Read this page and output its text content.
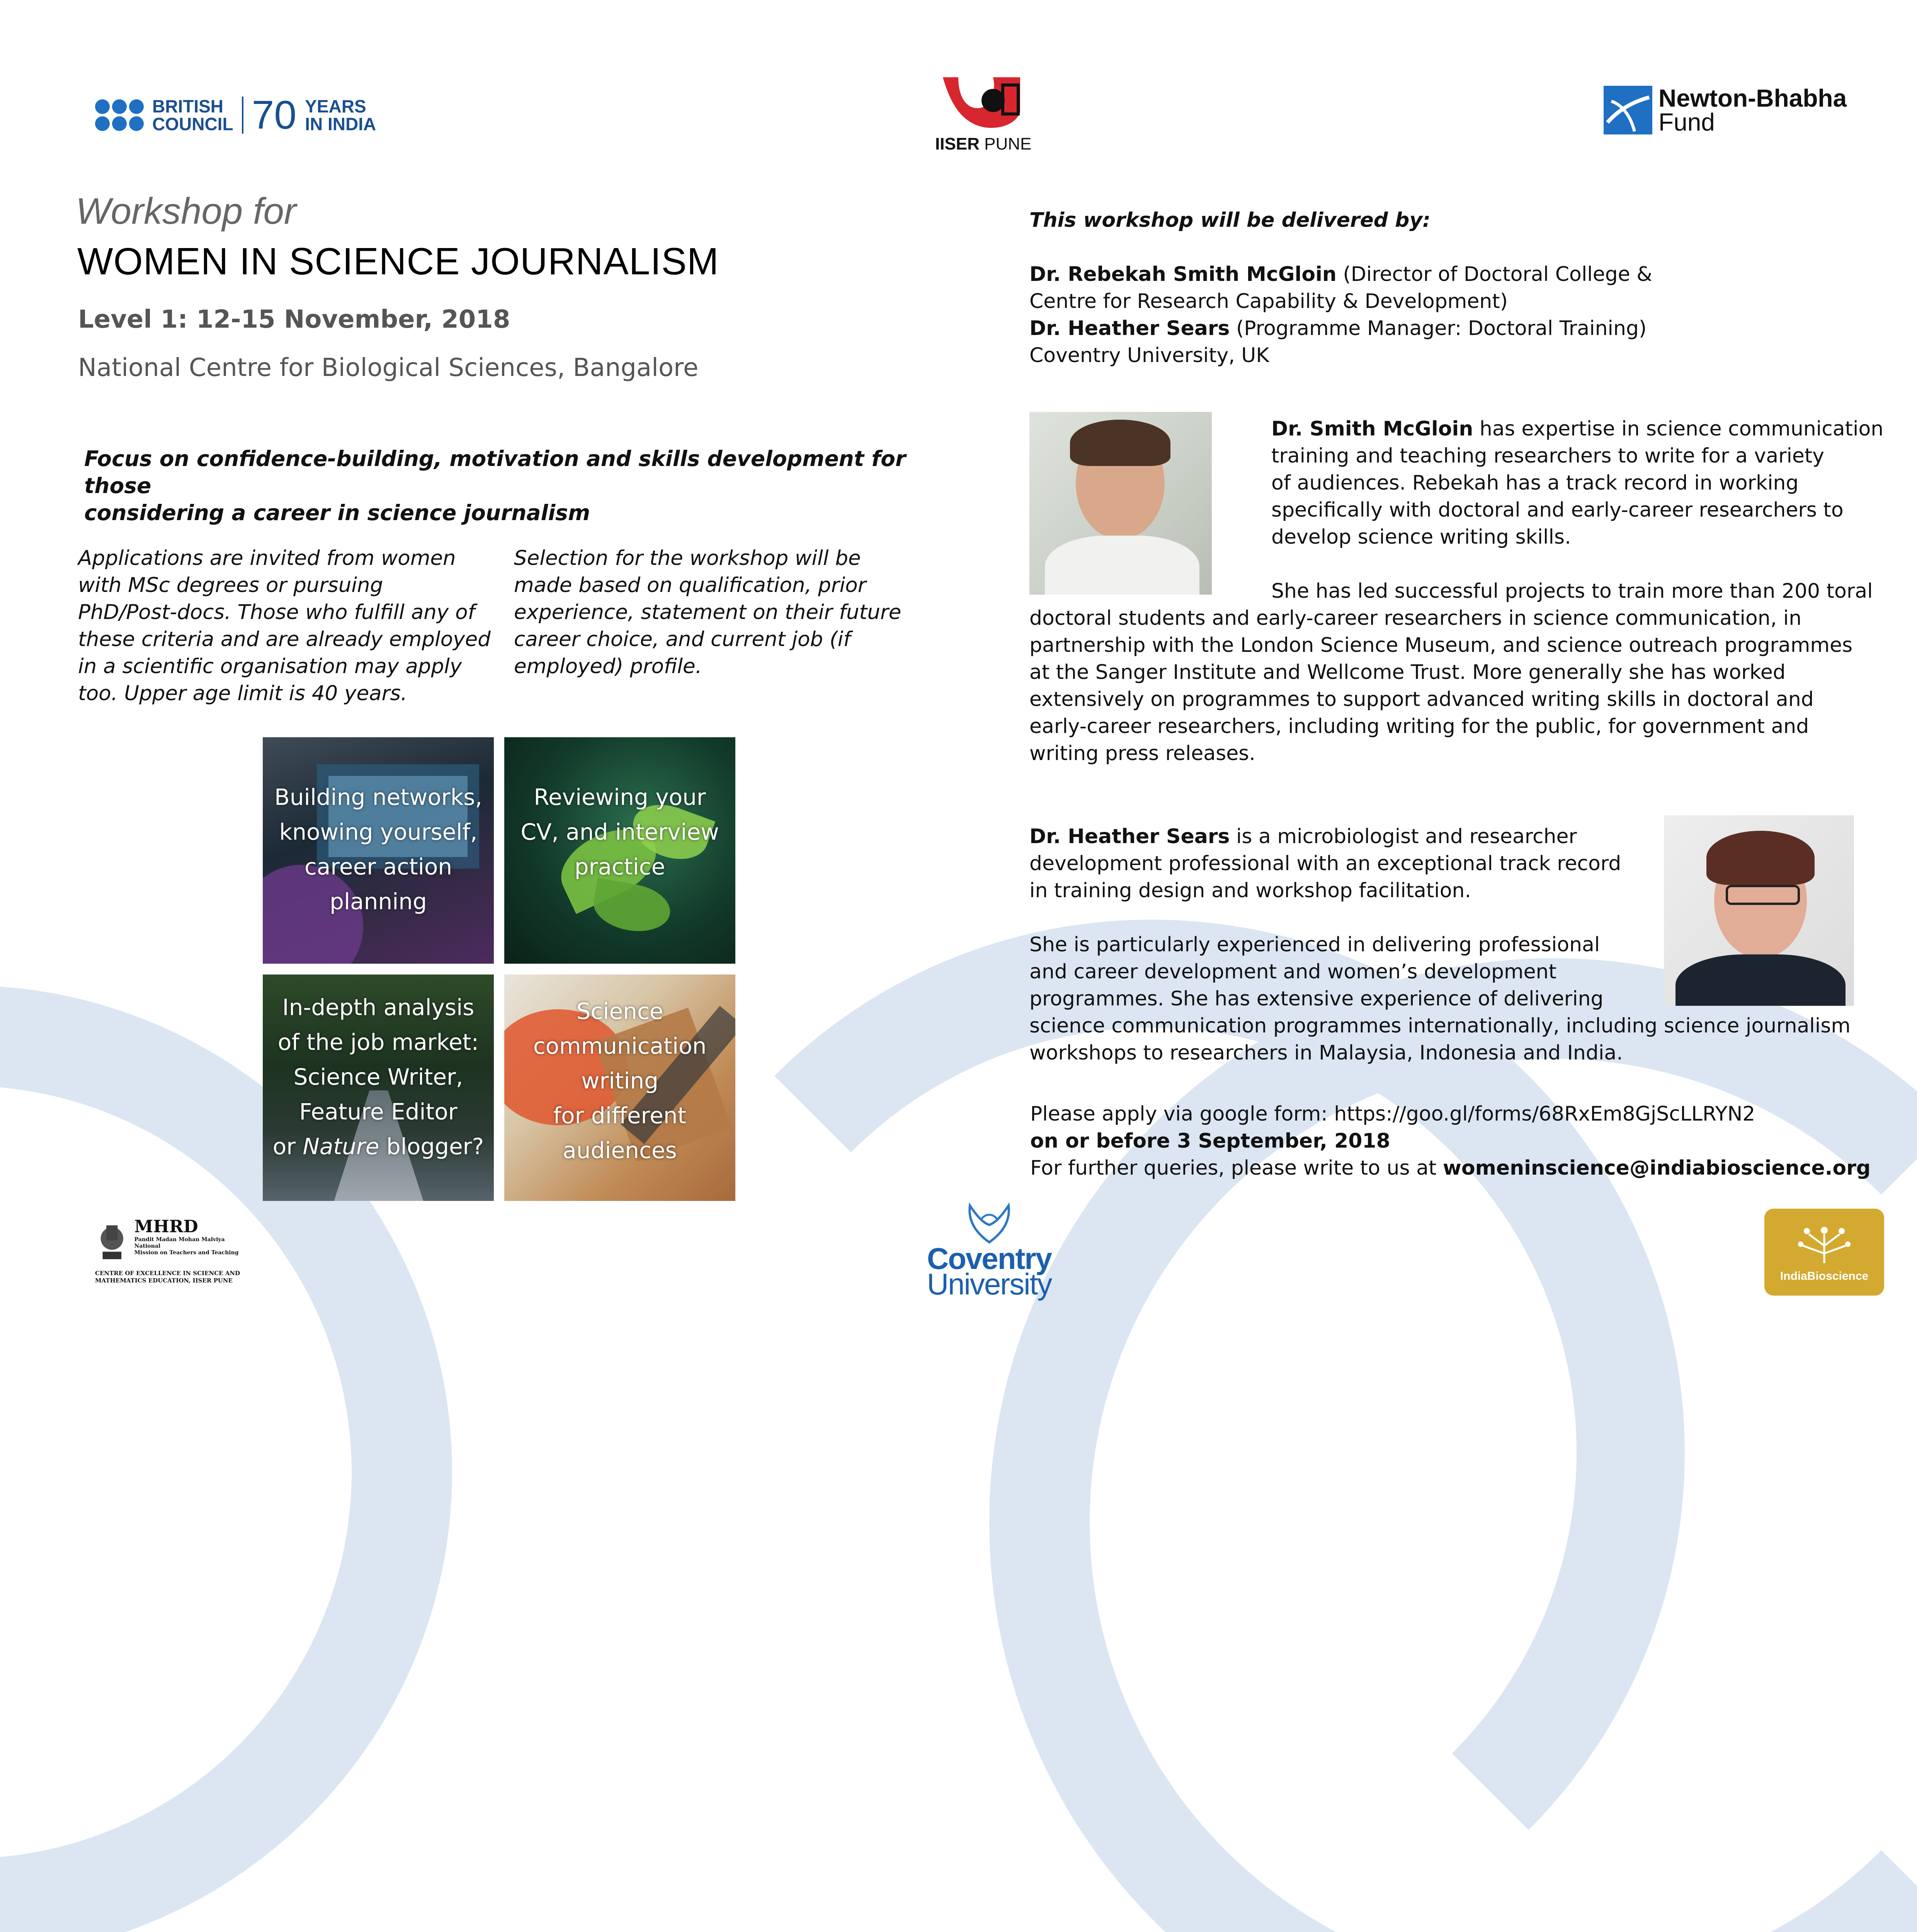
BRITISH
COUNCIL 70 YEARS
IN INDIA
IISER PUNE
Newton-Bhabha
Fund
Workshop for
WOMEN IN SCIENCE JOURNALISM
Level 1: 12-15 November, 2018
National Centre for Biological Sciences, Bangalore
Focus on confidence-building, motivation and skills development for those
considering a career in science journalism
Applications are invited from women
with MSc degrees or pursuing
PhD/Post-docs. Those who fulfill any of
these criteria and are already employed
in a scientific organisation may apply
too. Upper age limit is 40 years.
Selection for the workshop will be
made based on qualification, prior
experience, statement on their future
career choice, and current job (if
employed) profile.
Building networks,
knowing yourself,
career action
planning
Reviewing your
CV, and interview
practice
In-depth analysis
of the job market:
Science Writer,
Feature Editor
or Nature blogger?
Science
communication
writing
for different
audiences
This workshop will be delivered by:
Dr. Rebekah Smith McGloin (Director of Doctoral College &
Centre for Research Capability & Development)
Dr. Heather Sears (Programme Manager: Doctoral Training)
Coventry University, UK
Dr. Smith McGloin has expertise in science communication
training and teaching researchers to write for a variety
of audiences. Rebekah has a track record in working
specifically with doctoral and early-career researchers to
develop science writing skills.
She has led successful projects to train more than 200 toral
doctoral students and early-career researchers in science communication, in
partnership with the London Science Museum, and science outreach programmes
at the Sanger Institute and Wellcome Trust. More generally she has worked
extensively on programmes to support advanced writing skills in doctoral and
early-career researchers, including writing for the public, for government and
writing press releases.
Dr. Heather Sears is a microbiologist and researcher
development professional with an exceptional track record
in training design and workshop facilitation.
She is particularly experienced in delivering professional
and career development and women’s development
programmes. She has extensive experience of delivering
science communication programmes internationally, including science journalism
workshops to researchers in Malaysia, Indonesia and India.
Please apply via google form: https://goo.gl/forms/68RxEm8GjScLLRYN2
on or before 3 September, 2018
For further queries, please write to us at womeninscience@indiabioscience.org
MHRD
Pandit Madan Mohan Malviya National
Mission on Teachers and Teaching
CENTRE OF EXCELLENCE IN SCIENCE AND
MATHEMATICS EDUCATION, IISER PUNE
Coventry
University	IndiaBioscience
